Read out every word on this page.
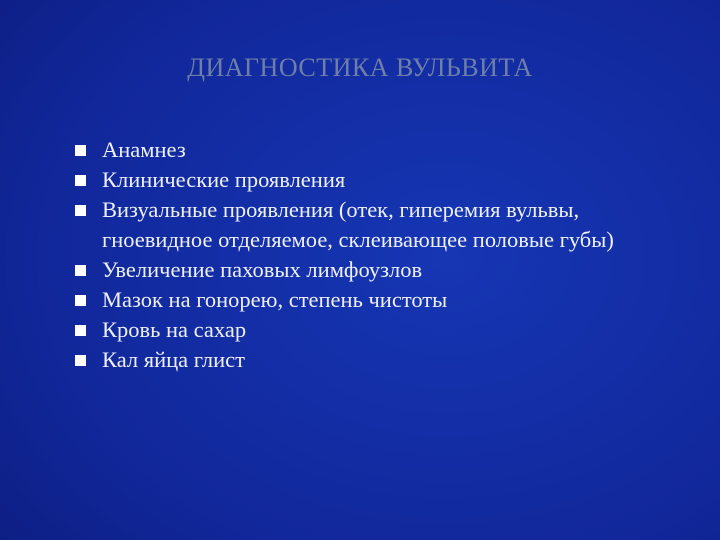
ДИАГНОСТИКА ВУЛЬВИТА
Анамнез
Клинические проявления
Визуальные проявления (отек, гиперемия вульвы, гноевидное отделяемое, склеивающее половые губы)
Увеличение паховых лимфоузлов
Мазок на гонорею, степень чистоты
Кровь на сахар
Кал яйца глист
